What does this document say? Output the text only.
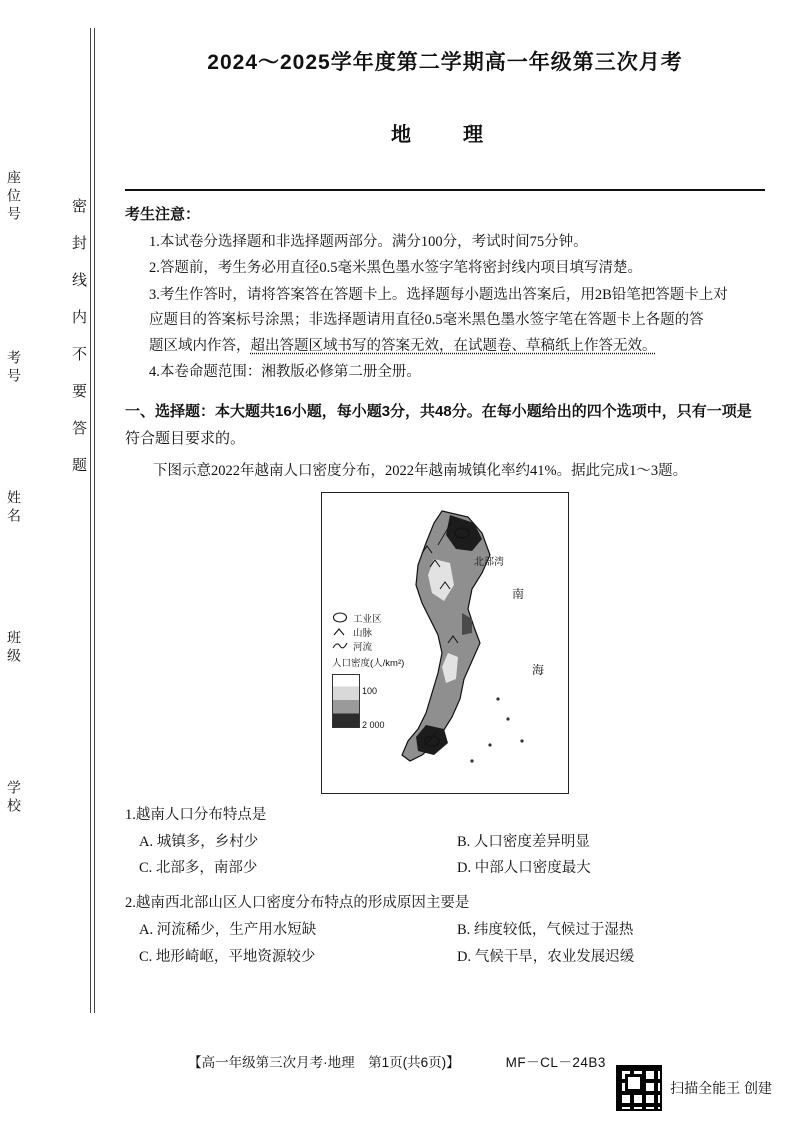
密封线内不要答题
座位号
考号
姓名
班级
学校
2024～2025学年度第二学期高一年级第三次月考
地　理
考生注意：
1.本试卷分选择题和非选择题两部分。满分100分，考试时间75分钟。
2.答题前，考生务必用直径0.5毫米黑色墨水签字笔将密封线内项目填写清楚。
3.考生作答时，请将答案答在答题卡上。选择题每小题选出答案后，用2B铅笔把答题卡上对
应题目的答案标号涂黑；非选择题请用直径0.5毫米黑色墨水签字笔在答题卡上各题的答
题区域内作答，超出答题区域书写的答案无效，在试题卷、草稿纸上作答无效。
4.本卷命题范围：湘教版必修第二册全册。
一、选择题：本大题共16小题，每小题3分，共48分。在每小题给出的四个选项中，只有一项是
符合题目要求的。
下图示意2022年越南人口密度分布，2022年越南城镇化率约41%。据此完成1～3题。
北部湾
南
海
工业区
山脉
河流
人口密度(人/km²)
100
2 000
1.越南人口分布特点是
A. 城镇多，乡村少	B. 人口密度差异明显
C. 北部多，南部少	D. 中部人口密度最大
2.越南西北部山区人口密度分布特点的形成原因主要是
A. 河流稀少，生产用水短缺	B. 纬度较低，气候过于湿热
C. 地形崎岖，平地资源较少	D. 气候干旱，农业发展迟缓
【高一年级第三次月考·地理　第1页(共6页)】	MF－CL－24B3
扫描全能王 创建
